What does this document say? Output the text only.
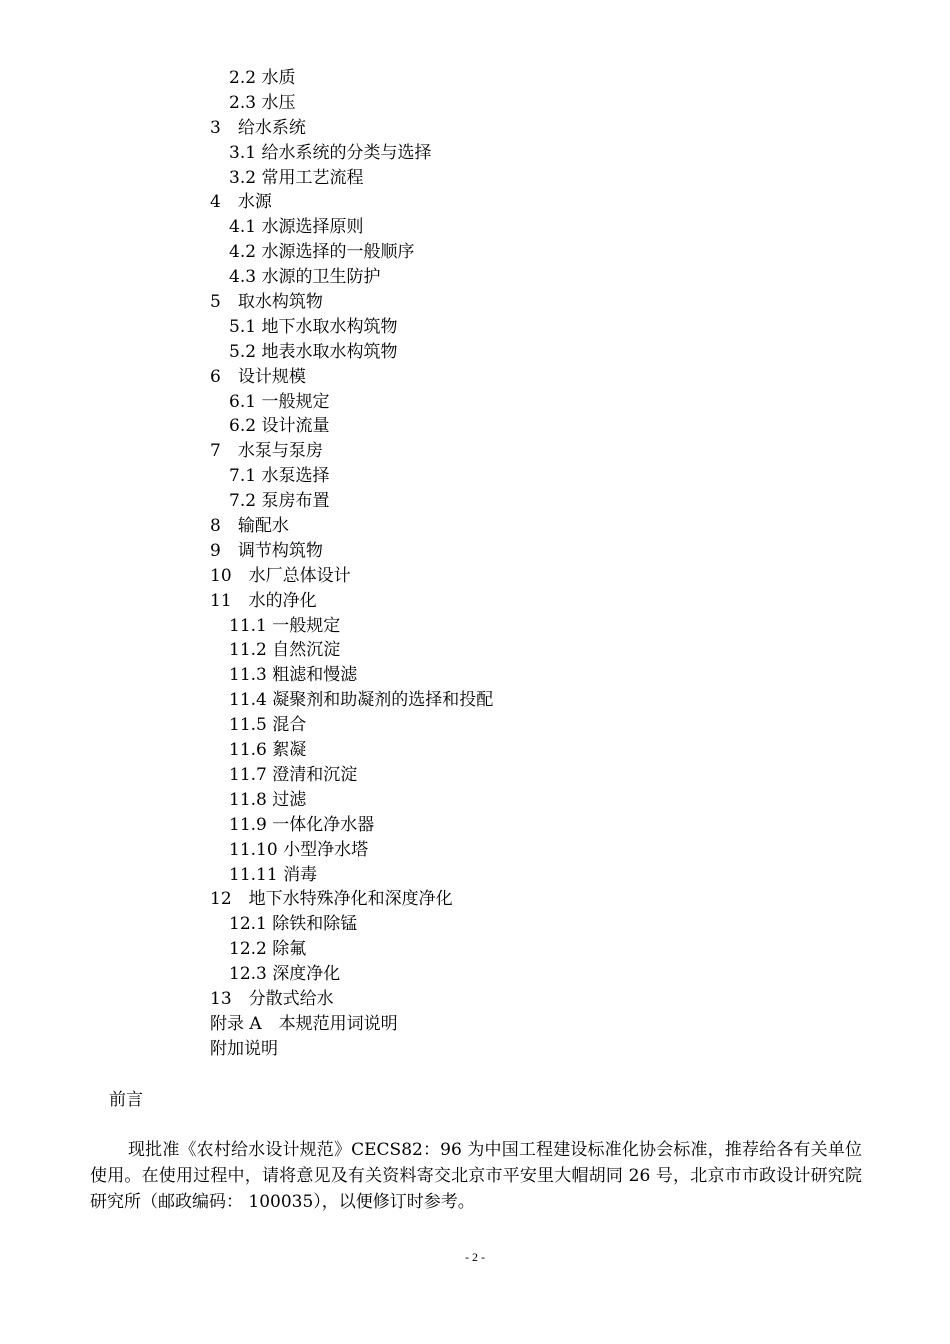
2.2 水质
2.3 水压
3　给水系统
3.1 给水系统的分类与选择
3.2 常用工艺流程
4　水源
4.1 水源选择原则
4.2 水源选择的一般顺序
4.3 水源的卫生防护
5　取水构筑物
5.1 地下水取水构筑物
5.2 地表水取水构筑物
6　设计规模
6.1 一般规定
6.2 设计流量
7　水泵与泵房
7.1 水泵选择
7.2 泵房布置
8　输配水
9　调节构筑物
10　水厂总体设计
11　水的净化
11.1 一般规定
11.2 自然沉淀
11.3 粗滤和慢滤
11.4 凝聚剂和助凝剂的选择和投配
11.5 混合
11.6 絮凝
11.7 澄清和沉淀
11.8 过滤
11.9 一体化净水器
11.10 小型净水塔
11.11 消毒
12　地下水特殊净化和深度净化
12.1 除铁和除锰
12.2 除氟
12.3 深度净化
13　分散式给水
附录 A　本规范用词说明
附加说明
前言

现批准《农村给水设计规范》CECS82：96 为中国工程建设标准化协会标准，推荐给各有关单位使用。在使用过程中，请将意见及有关资料寄交北京市平安里大帽胡同 26 号，北京市市政设计研究院研究所（邮政编码： 100035），以便修订时参考。

- 2 -
